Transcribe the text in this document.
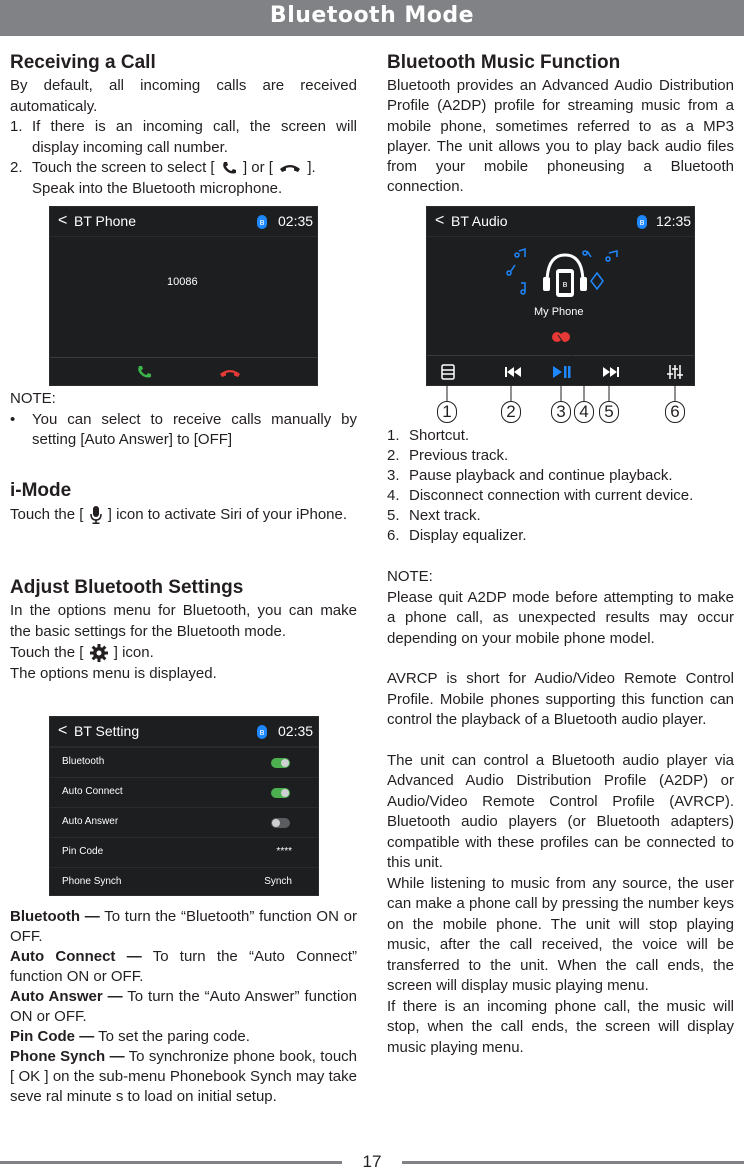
Bluetooth Mode
Receiving a Call
By default, all incoming calls are received automaticaly.
1. If there is an incoming call, the screen will display incoming call number.
2. Touch the screen to select [ ] or [ ].
Speak into the Bluetooth microphone.
< BT Phone	ʙ 02:35
10086
NOTE:
•	You can select to receive calls manually by setting [Auto Answer] to [OFF]
i-Mode
Touch the [ ] icon to activate Siri of your iPhone.
Adjust Bluetooth Settings
In the options menu for Bluetooth, you can make the basic settings for the Bluetooth mode.
Touch the [ ] icon.
The options menu is displayed.
< BT Setting	ʙ 02:35
Bluetooth
Auto Connect
Auto Answer
Pin Code	****
Phone Synch	Synch
Bluetooth — To turn the “Bluetooth” function ON or OFF.
Auto Connect — To turn the “Auto Connect” function ON or OFF.
Auto Answer — To turn the “Auto Answer” function ON or OFF.
Pin Code — To set the paring code.
Phone Synch — To synchronize phone book, touch [ OK ] on the sub-menu Phonebook Synch may take seve ral minute s to load on initial setup.
Bluetooth Music Function
Bluetooth provides an Advanced Audio Distribution Profile (A2DP) profile for streaming music from a mobile phone, sometimes referred to as a MP3 player. The unit allows you to play back audio files from your mobile phoneusing a Bluetooth connection.
< BT Audio	ʙ 12:35
ʙ
My Phone
1	2	3 4 5	6
1. Shortcut.
2. Previous track.
3. Pause playback and continue playback.
4. Disconnect connection with current device.
5. Next track.
6. Display equalizer.
NOTE:
Please quit A2DP mode before attempting to make a phone call, as unexpected results may occur depending on your mobile phone model.
AVRCP is short for Audio/Video Remote Control Profile. Mobile phones supporting this function can control the playback of a Bluetooth audio player.
The unit can control a Bluetooth audio player via Advanced Audio Distribution Profile (A2DP) or Audio/Video Remote Control Profile (AVRCP). Bluetooth audio players (or Bluetooth adapters) compatible with these profiles can be connected to this unit.
While listening to music from any source, the user can make a phone call by pressing the number keys on the mobile phone. The unit will stop playing music, after the call received, the voice will be transferred to the unit. When the call ends, the screen will display music playing menu.
If there is an incoming phone call, the music will stop, when the call ends, the screen will display music playing menu.
17
